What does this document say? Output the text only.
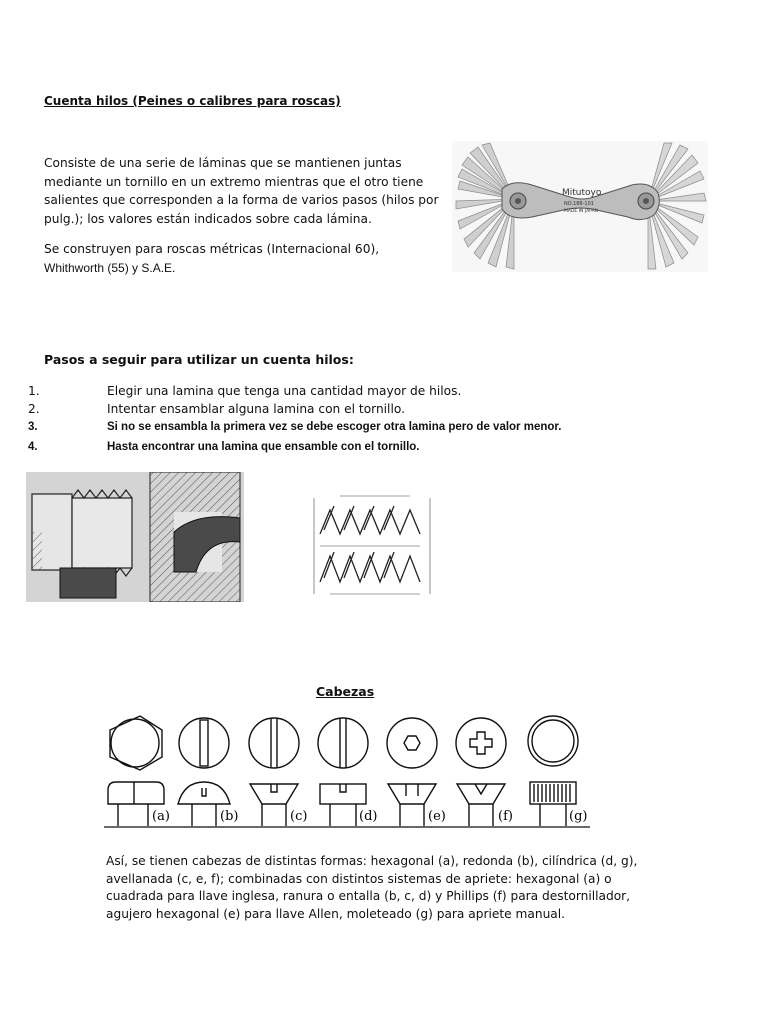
Cuenta hilos (Peines o calibres para roscas)
Consiste de una serie de láminas que se mantienen juntas mediante un tornillo en un extremo mientras que el otro tiene salientes que corresponden a la forma de varios pasos (hilos por pulg.); los valores están indicados sobre cada lámina.
Se construyen para roscas métricas (Internacional 60),
Whithworth (55) y S.A.E.
Mitutoyo
NO.188-101
MADE IN JAPAN
Pasos a seguir para utilizar un cuenta hilos:
1.	Elegir una lamina que tenga una cantidad mayor de hilos.
2.	Intentar ensamblar alguna lamina con el tornillo.
3.	Si no se ensambla la primera vez se debe escoger otra lamina pero de valor menor.
4.	Hasta encontrar una lamina que ensamble con el tornillo.
Cabezas
(a)	(b)	(c)	(d)	(e)	(f)	(g)
Así, se tienen cabezas de distintas formas: hexagonal (a), redonda (b), cilíndrica (d, g), avellanada (c, e, f); combinadas con distintos sistemas de apriete: hexagonal (a) o cuadrada para llave inglesa, ranura o entalla (b, c, d) y Phillips (f) para destornillador, agujero hexagonal (e) para llave Allen, moleteado (g) para apriete manual.
